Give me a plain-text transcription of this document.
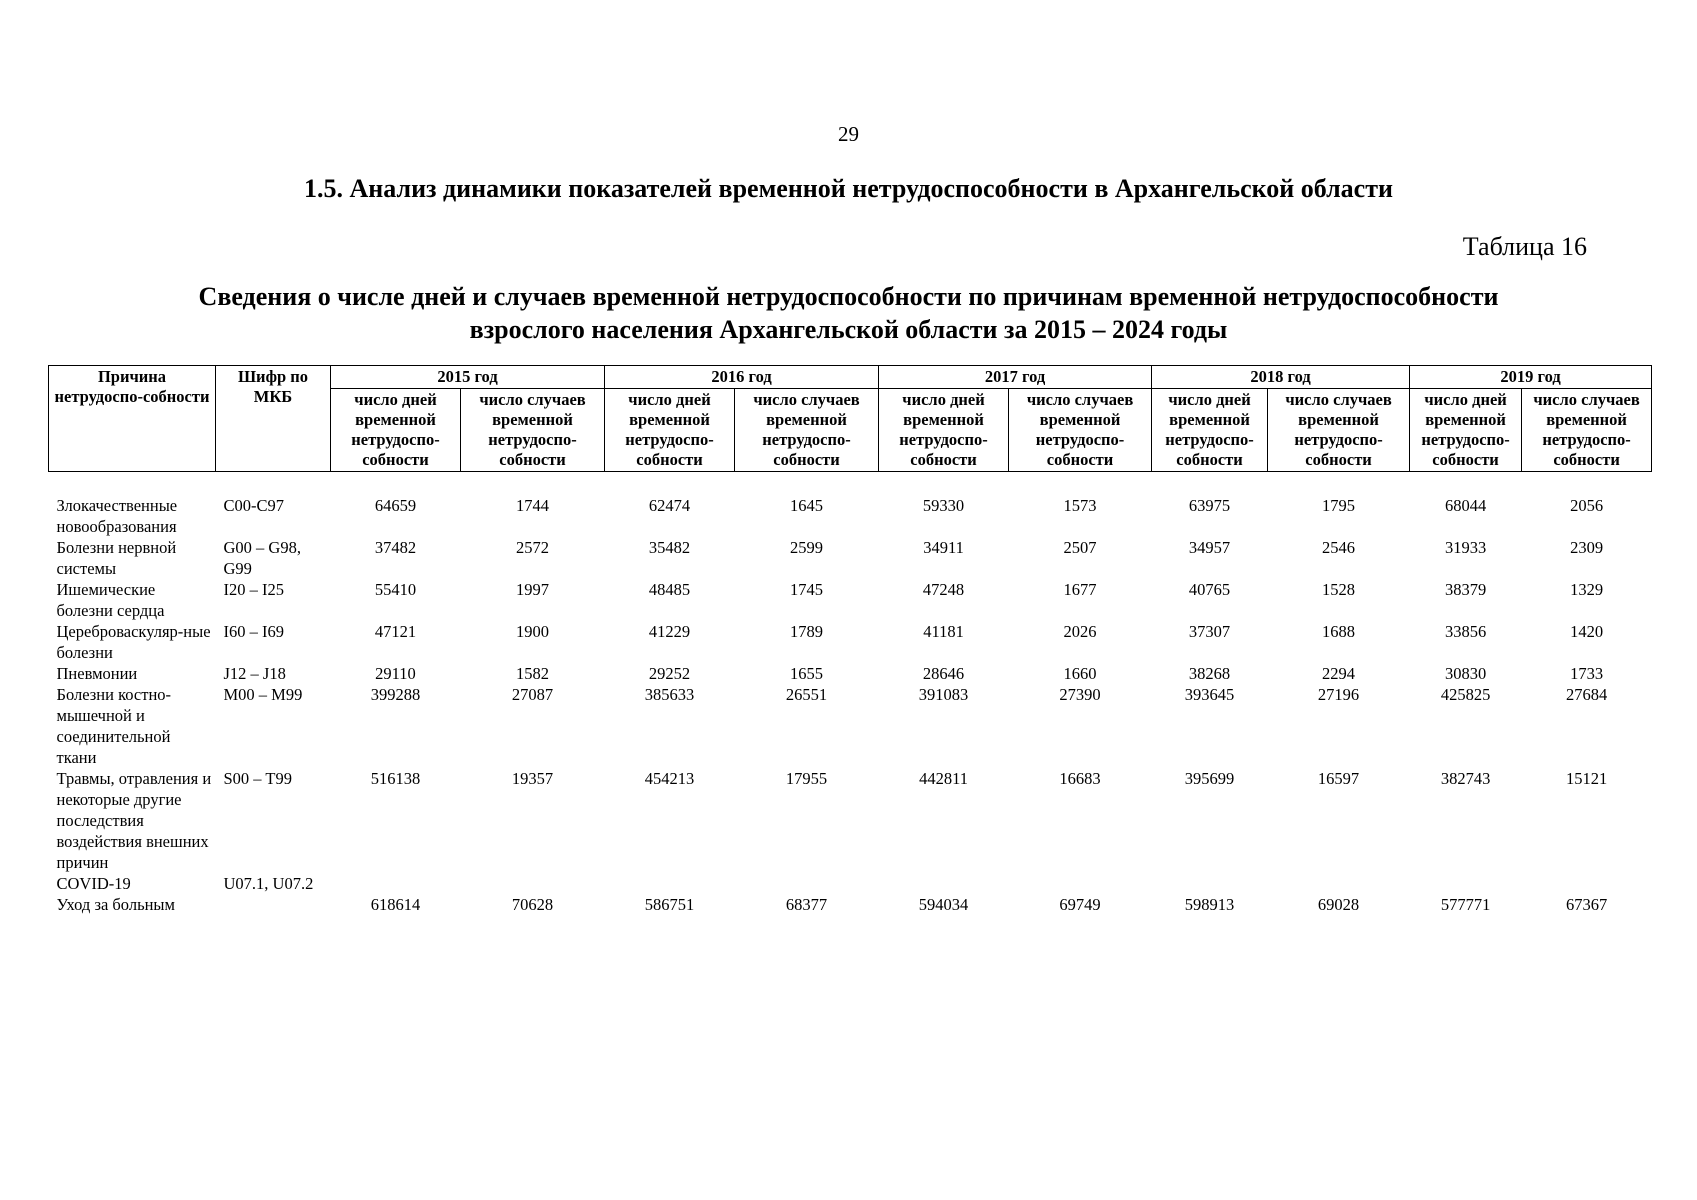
29
1.5. Анализ динамики показателей временной нетрудоспособности в Архангельской области
Таблица 16
Сведения о числе дней и случаев временной нетрудоспособности по причинам временной нетрудоспособности
взрослого населения Архангельской области за 2015 – 2024 годы
Причина нетрудоспо-собности	Шифр по МКБ	2015 год		2016 год		2017 год		2018 год		2019 год	
		число дней временной нетрудоспо-собности	число случаев временной нетрудоспо-собности	число дней временной нетрудоспо-собности	число случаев временной нетрудоспо-собности	число дней временной нетрудоспо-собности	число случаев временной нетрудоспо-собности	число дней временной нетрудоспо-собности	число случаев временной нетрудоспо-собности	число дней временной нетрудоспо-собности	число случаев временной нетрудоспо-собности
Злокачественные новообразования	С00-С97	64659	1744	62474	1645	59330	1573	63975	1795	68044	2056
Болезни нервной системы	G00 – G98, G99	37482	2572	35482	2599	34911	2507	34957	2546	31933	2309
Ишемические болезни сердца	I20 – I25	55410	1997	48485	1745	47248	1677	40765	1528	38379	1329
Цереброваскуляр-ные болезни	I60 – I69	47121	1900	41229	1789	41181	2026	37307	1688	33856	1420
Пневмонии	J12 – J18	29110	1582	29252	1655	28646	1660	38268	2294	30830	1733
Болезни костно-мышечной и соединительной ткани	M00 – M99	399288	27087	385633	26551	391083	27390	393645	27196	425825	27684
Травмы, отравления и некоторые другие последствия воздействия внешних причин	S00 – T99	516138	19357	454213	17955	442811	16683	395699	16597	382743	15121
COVID-19	U07.1, U07.2										
Уход за больным		618614	70628	586751	68377	594034	69749	598913	69028	577771	67367
